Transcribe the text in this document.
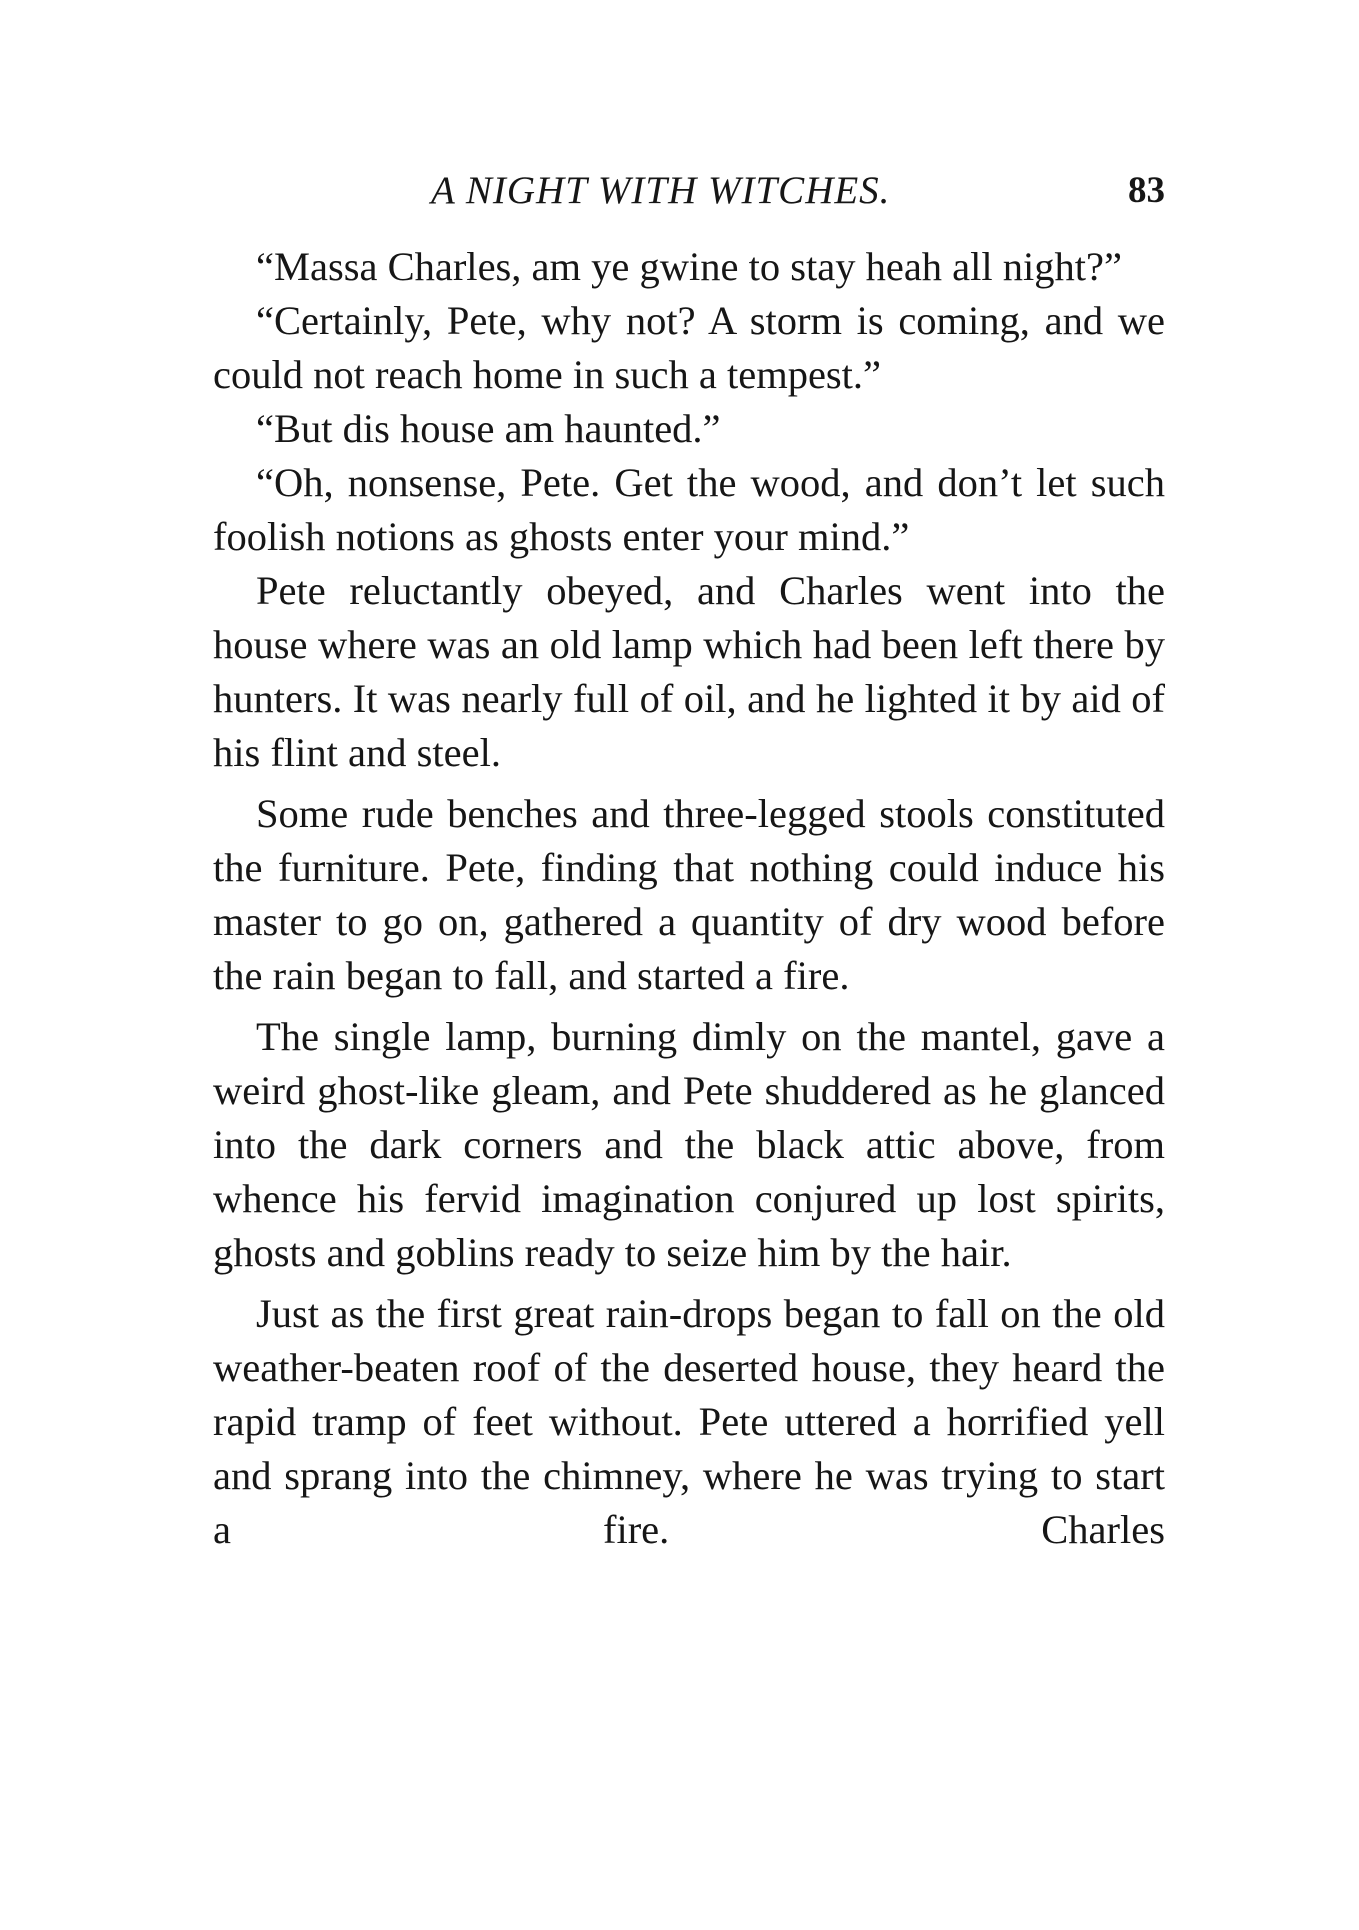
A NIGHT WITH WITCHES.	83

“Massa Charles, am ye gwine to stay heah all night?”

“Certainly, Pete, why not? A storm is coming, and we could not reach home in such a tempest.”

“But dis house am haunted.”

“Oh, nonsense, Pete. Get the wood, and don’t let such foolish notions as ghosts enter your mind.”

Pete reluctantly obeyed, and Charles went into the house where was an old lamp which had been left there by hunters. It was nearly full of oil, and he lighted it by aid of his flint and steel.

Some rude benches and three-legged stools constituted the furniture. Pete, finding that nothing could induce his master to go on, gathered a quantity of dry wood before the rain began to fall, and started a fire.

The single lamp, burning dimly on the mantel, gave a weird ghost-like gleam, and Pete shuddered as he glanced into the dark corners and the black attic above, from whence his fervid imagination conjured up lost spirits, ghosts and goblins ready to seize him by the hair.

Just as the first great rain-drops began to fall on the old weather-beaten roof of the deserted house, they heard the rapid tramp of feet without. Pete uttered a horrified yell and sprang into the chimney, where he was trying to start a fire. Charles
